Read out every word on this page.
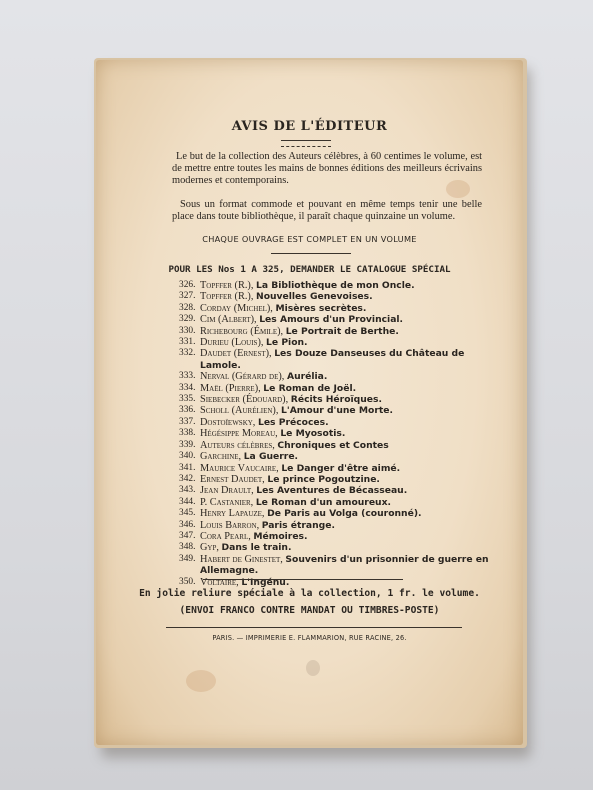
AVIS DE L'ÉDITEUR
Le but de la collection des Auteurs célèbres, à 60 centimes le volume, est de mettre entre toutes les mains de bonnes éditions des meilleurs écrivains modernes et contemporains.
Sous un format commode et pouvant en même temps tenir une belle place dans toute bibliothèque, il paraît chaque quinzaine un volume.
CHAQUE OUVRAGE EST COMPLET EN UN VOLUME
POUR LES Nos 1 A 325, DEMANDER LE CATALOGUE SPÉCIAL
326. Topffer (R.), La Bibliothèque de mon Oncle.
327. Topffer (R.), Nouvelles Genevoises.
328. Corday (Michel), Misères secrètes.
329. Cim (Albert), Les Amours d'un Provincial.
330. Richebourg (Émile), Le Portrait de Berthe.
331. Durieu (Louis), Le Pion.
332. Daudet (Ernest), Les Douze Danseuses du Château de Lamole.
333. Nerval (Gérard de), Aurélia.
334. Maël (Pierre), Le Roman de Joël.
335. Siebecker (Édouard), Récits Héroïques.
336. Scholl (Aurélien), L'Amour d'une Morte.
337. Dostoïewsky, Les Précoces.
338. Hégésippe Moreau, Le Myosotis.
339. Auteurs célèbres, Chroniques et Contes
340. Garchine, La Guerre.
341. Maurice Vaucaire, Le Danger d'être aimé.
342. Ernest Daudet, Le prince Pogoutzine.
343. Jean Drault, Les Aventures de Bécasseau.
344. P. Castanier, Le Roman d'un amoureux.
345. Henry Lapauze, De Paris au Volga (couronné).
346. Louis Barron, Paris étrange.
347. Cora Pearl, Mémoires.
348. Gyp, Dans le train.
349. Habert de Ginestet, Souvenirs d'un prisonnier de guerre en Allemagne.
350. Voltaire, L'Ingénu.
En jolie reliure spéciale à la collection, 1 fr. le volume.
(ENVOI FRANCO CONTRE MANDAT OU TIMBRES-POSTE)
PARIS. — IMPRIMERIE E. FLAMMARION, RUE RACINE, 26.
